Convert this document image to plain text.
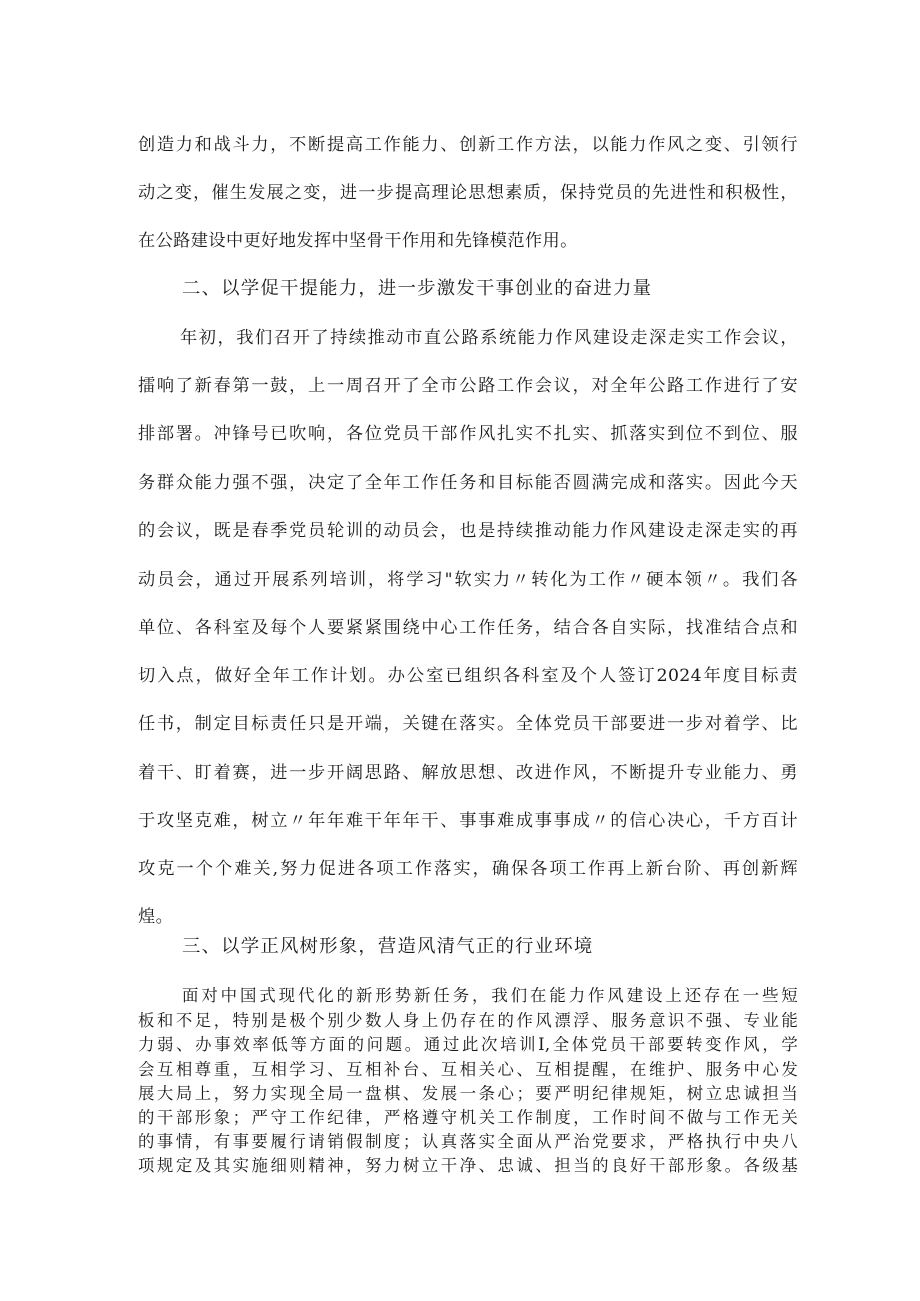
创造力和战斗力，不断提高工作能力、创新工作方法，以能力作风之变、引领行
动之变，催生发展之变，进一步提高理论思想素质，保持党员的先进性和积极性，
在公路建设中更好地发挥中坚骨干作用和先锋模范作用。
二、以学促干提能力，进一步激发干事创业的奋进力量
年初，我们召开了持续推动市直公路系统能力作风建设走深走实工作会议，
擂响了新春第一鼓，上一周召开了全市公路工作会议，对全年公路工作进行了安
排部署。冲锋号已吹响，各位党员干部作风扎实不扎实、抓落实到位不到位、服
务群众能力强不强，决定了全年工作任务和目标能否圆满完成和落实。因此今天
的会议，既是春季党员轮训的动员会，也是持续推动能力作风建设走深走实的再
动员会，通过开展系列培训，将学习"软实力〃转化为工作〃硬本领〃。我们各
单位、各科室及每个人要紧紧围绕中心工作任务，结合各自实际，找准结合点和
切入点，做好全年工作计划。办公室已组织各科室及个人签订2024年度目标责
任书，制定目标责任只是开端，关键在落实。全体党员干部要进一步对着学、比
着干、盯着赛，进一步开阔思路、解放思想、改进作风，不断提升专业能力、勇
于攻坚克难，树立〃年年难干年年干、事事难成事事成〃的信心决心，千方百计
攻克一个个难关,努力促进各项工作落实，确保各项工作再上新台阶、再创新辉
煌。
三、以学正风树形象，营造风清气正的行业环境
面对中国式现代化的新形势新任务，我们在能力作风建设上还存在一些短
板和不足，特别是极个别少数人身上仍存在的作风漂浮、服务意识不强、专业能
力弱、办事效率低等方面的问题。通过此次培训I,全体党员干部要转变作风，学
会互相尊重，互相学习、互相补台、互相关心、互相提醒，在维护、服务中心发
展大局上，努力实现全局一盘棋、发展一条心；要严明纪律规矩，树立忠诚担当
的干部形象；严守工作纪律，严格遵守机关工作制度，工作时间不做与工作无关
的事情，有事要履行请销假制度；认真落实全面从严治党要求，严格执行中央八
项规定及其实施细则精神，努力树立干净、忠诚、担当的良好干部形象。各级基
